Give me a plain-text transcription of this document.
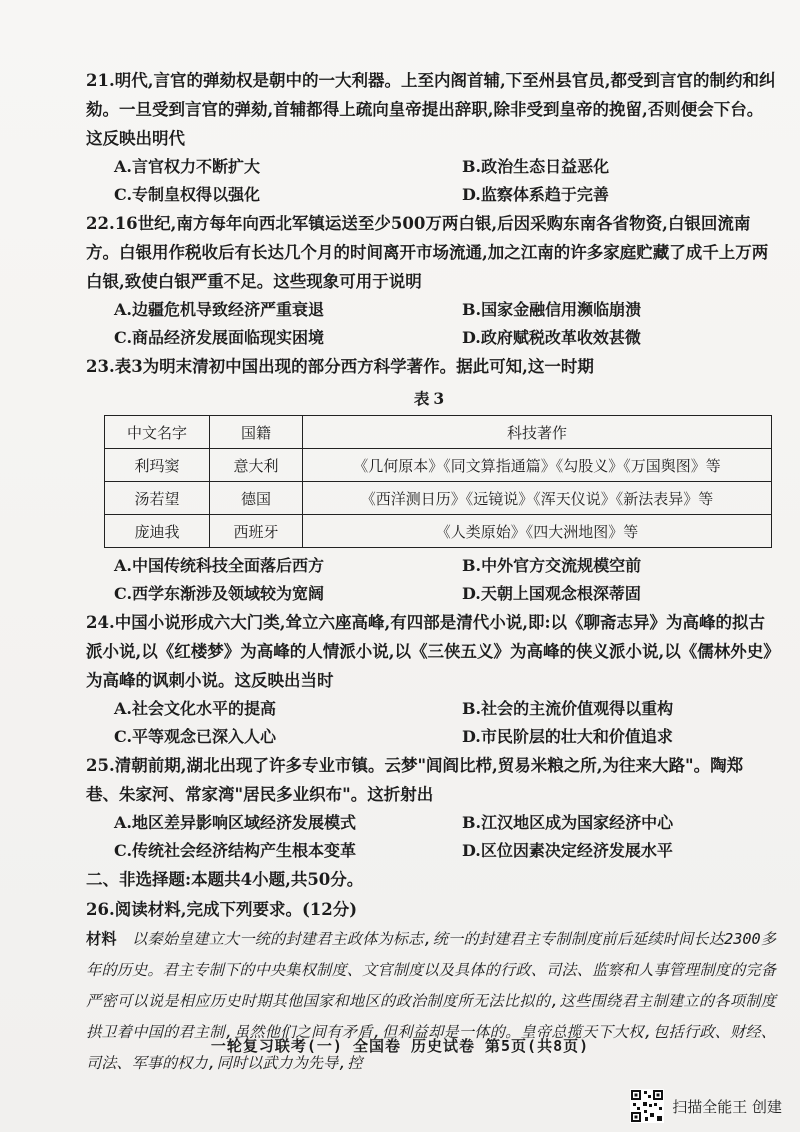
21.明代,言官的弹劾权是朝中的一大利器。上至内阁首辅,下至州县官员,都受到言官的制约和纠劾。一旦受到言官的弹劾,首辅都得上疏向皇帝提出辞职,除非受到皇帝的挽留,否则便会下台。这反映出明代

A.言官权力不断扩大	B.政治生态日益恶化
C.专制皇权得以强化	D.监察体系趋于完善

22.16世纪,南方每年向西北军镇运送至少500万两白银,后因采购东南各省物资,白银回流南方。白银用作税收后有长达几个月的时间离开市场流通,加之江南的许多家庭贮藏了成千上万两白银,致使白银严重不足。这些现象可用于说明

A.边疆危机导致经济严重衰退	B.国家金融信用濒临崩溃
C.商品经济发展面临现实困境	D.政府赋税改革收效甚微

23.表3为明末清初中国出现的部分西方科学著作。据此可知,这一时期

表3
中文名字	国籍	科技著作
利玛窦	意大利	《几何原本》《同文算指通篇》《勾股义》《万国舆图》等
汤若望	德国	《西洋测日历》《远镜说》《浑天仪说》《新法表异》等
庞迪我	西班牙	《人类原始》《四大洲地图》等
A.中国传统科技全面落后西方	B.中外官方交流规模空前
C.西学东渐涉及领域较为宽阔	D.天朝上国观念根深蒂固

24.中国小说形成六大门类,耸立六座高峰,有四部是清代小说,即:以《聊斋志异》为高峰的拟古派小说,以《红楼梦》为高峰的人情派小说,以《三侠五义》为高峰的侠义派小说,以《儒林外史》为高峰的讽刺小说。这反映出当时

A.社会文化水平的提高	B.社会的主流价值观得以重构
C.平等观念已深入人心	D.市民阶层的壮大和价值追求

25.清朝前期,湖北出现了许多专业市镇。云梦"闾阎比栉,贸易米粮之所,为往来大路"。陶郑巷、朱家河、常家湾"居民多业织布"。这折射出

A.地区差异影响区域经济发展模式	B.江汉地区成为国家经济中心
C.传统社会经济结构产生根本变革	D.区位因素决定经济发展水平

二、非选择题:本题共4小题,共50分。

26.阅读材料,完成下列要求。(12分)

材料　 以秦始皇建立大一统的封建君主政体为标志,统一的封建君主专制制度前后延续时间长达2300多年的历史。君主专制下的中央集权制度、文官制度以及具体的行政、司法、监察和人事管理制度的完备严密可以说是相应历史时期其他国家和地区的政治制度所无法比拟的,这些围绕君主制建立的各项制度拱卫着中国的君主制,虽然他们之间有矛盾,但利益却是一体的。皇帝总揽天下大权,包括行政、财经、司法、军事的权力,同时以武力为先导,控

一轮复习联考(一) 全国卷 历史试卷 第5页(共8页)
扫描全能王 创建
